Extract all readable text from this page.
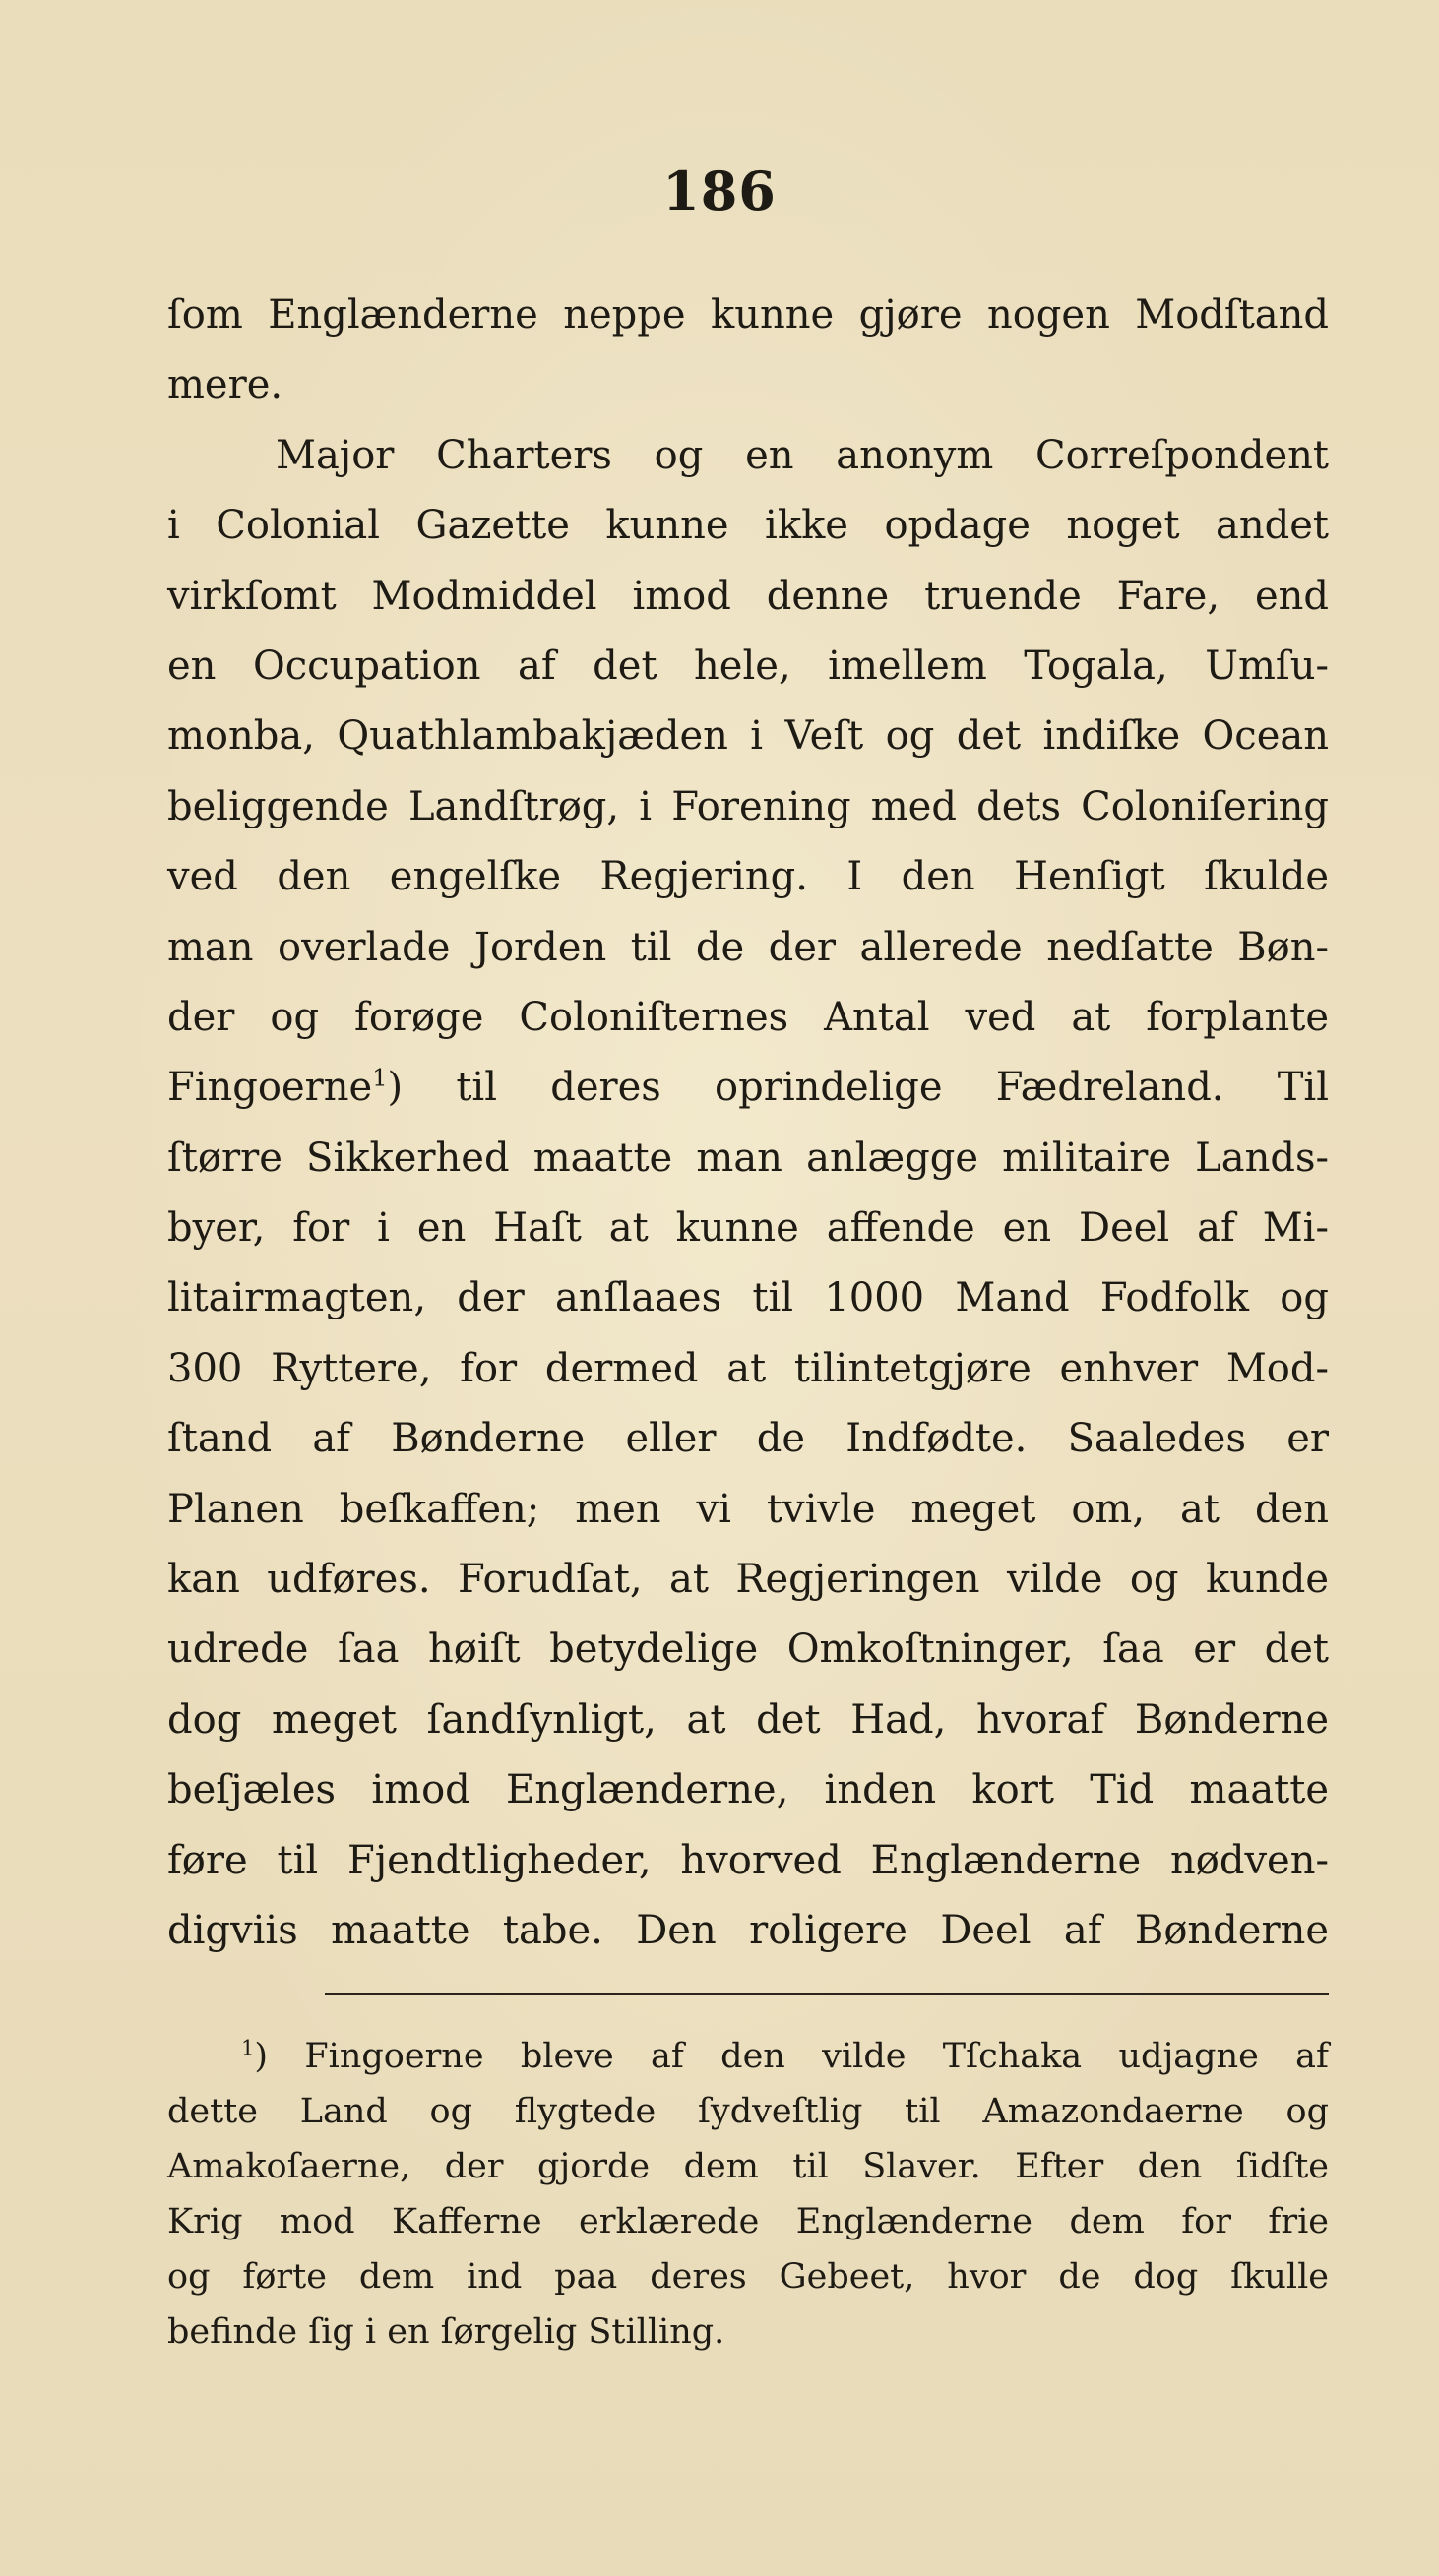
186
ſom Englænderne neppe kunne gjøre nogen Modſtand
mere.
Major Charters og en anonym Correſpondent
i Colonial Gazette kunne ikke opdage noget andet
virkſomt Modmiddel imod denne truende Fare, end
en Occupation af det hele, imellem Togala, Umſu-
monba, Quathlambakjæden i Veſt og det indiſke Ocean
beliggende Landſtrøg, i Forening med dets Coloniſering
ved den engelſke Regjering. I den Henſigt ſkulde
man overlade Jorden til de der allerede nedſatte Bøn-
der og forøge Coloniſternes Antal ved at forplante
Fingoerne$^1$) til deres oprindelige Fædreland. Til
ſtørre Sikkerhed maatte man anlægge militaire Lands-
byer, for i en Haſt at kunne affende en Deel af Mi-
litairmagten, der anſlaaes til 1000 Mand Fodfolk og
300 Ryttere, for dermed at tilintetgjøre enhver Mod-
ſtand af Bønderne eller de Indfødte. Saaledes er
Planen beſkaffen; men vi tvivle meget om, at den
kan udføres. Forudſat, at Regjeringen vilde og kunde
udrede ſaa høiſt betydelige Omkoſtninger, ſaa er det
dog meget ſandſynligt, at det Had, hvoraf Bønderne
beſjæles imod Englænderne, inden kort Tid maatte
føre til Fjendtligheder, hvorved Englænderne nødven-
digviis maatte tabe. Den roligere Deel af Bønderne
$^1$) Fingoerne bleve af den vilde Tſchaka udjagne af
dette Land og flygtede ſydveſtlig til Amazondaerne og
Amakoſaerne, der gjorde dem til Slaver. Efter den ſidſte
Krig mod Kafferne erklærede Englænderne dem for frie
og førte dem ind paa deres Gebeet, hvor de dog ſkulle
befinde ſig i en ſørgelig Stilling.
